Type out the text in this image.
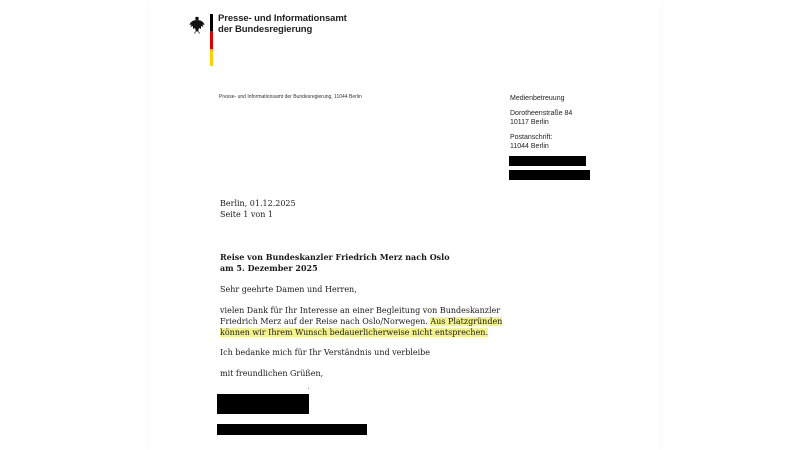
Presse- und Informationsamt
der Bundesregierung
Presse- und Informationsamt der Bundesregierung, 11044 Berlin	Medienbetreuung
Dorotheenstraße 84
10117 Berlin
Postanschrift:
11044 Berlin
Berlin, 01.12.2025
Seite 1 von 1
Reise von Bundeskanzler Friedrich Merz nach Oslo
am 5. Dezember 2025
Sehr geehrte Damen und Herren,
vielen Dank für Ihr Interesse an einer Begleitung von Bundeskanzler
Friedrich Merz auf der Reise nach Oslo/Norwegen. Aus Platzgründen
können wir Ihrem Wunsch bedauerlicherweise nicht entsprechen.
Ich bedanke mich für Ihr Verständnis und verbleibe
mit freundlichen Grüßen,
